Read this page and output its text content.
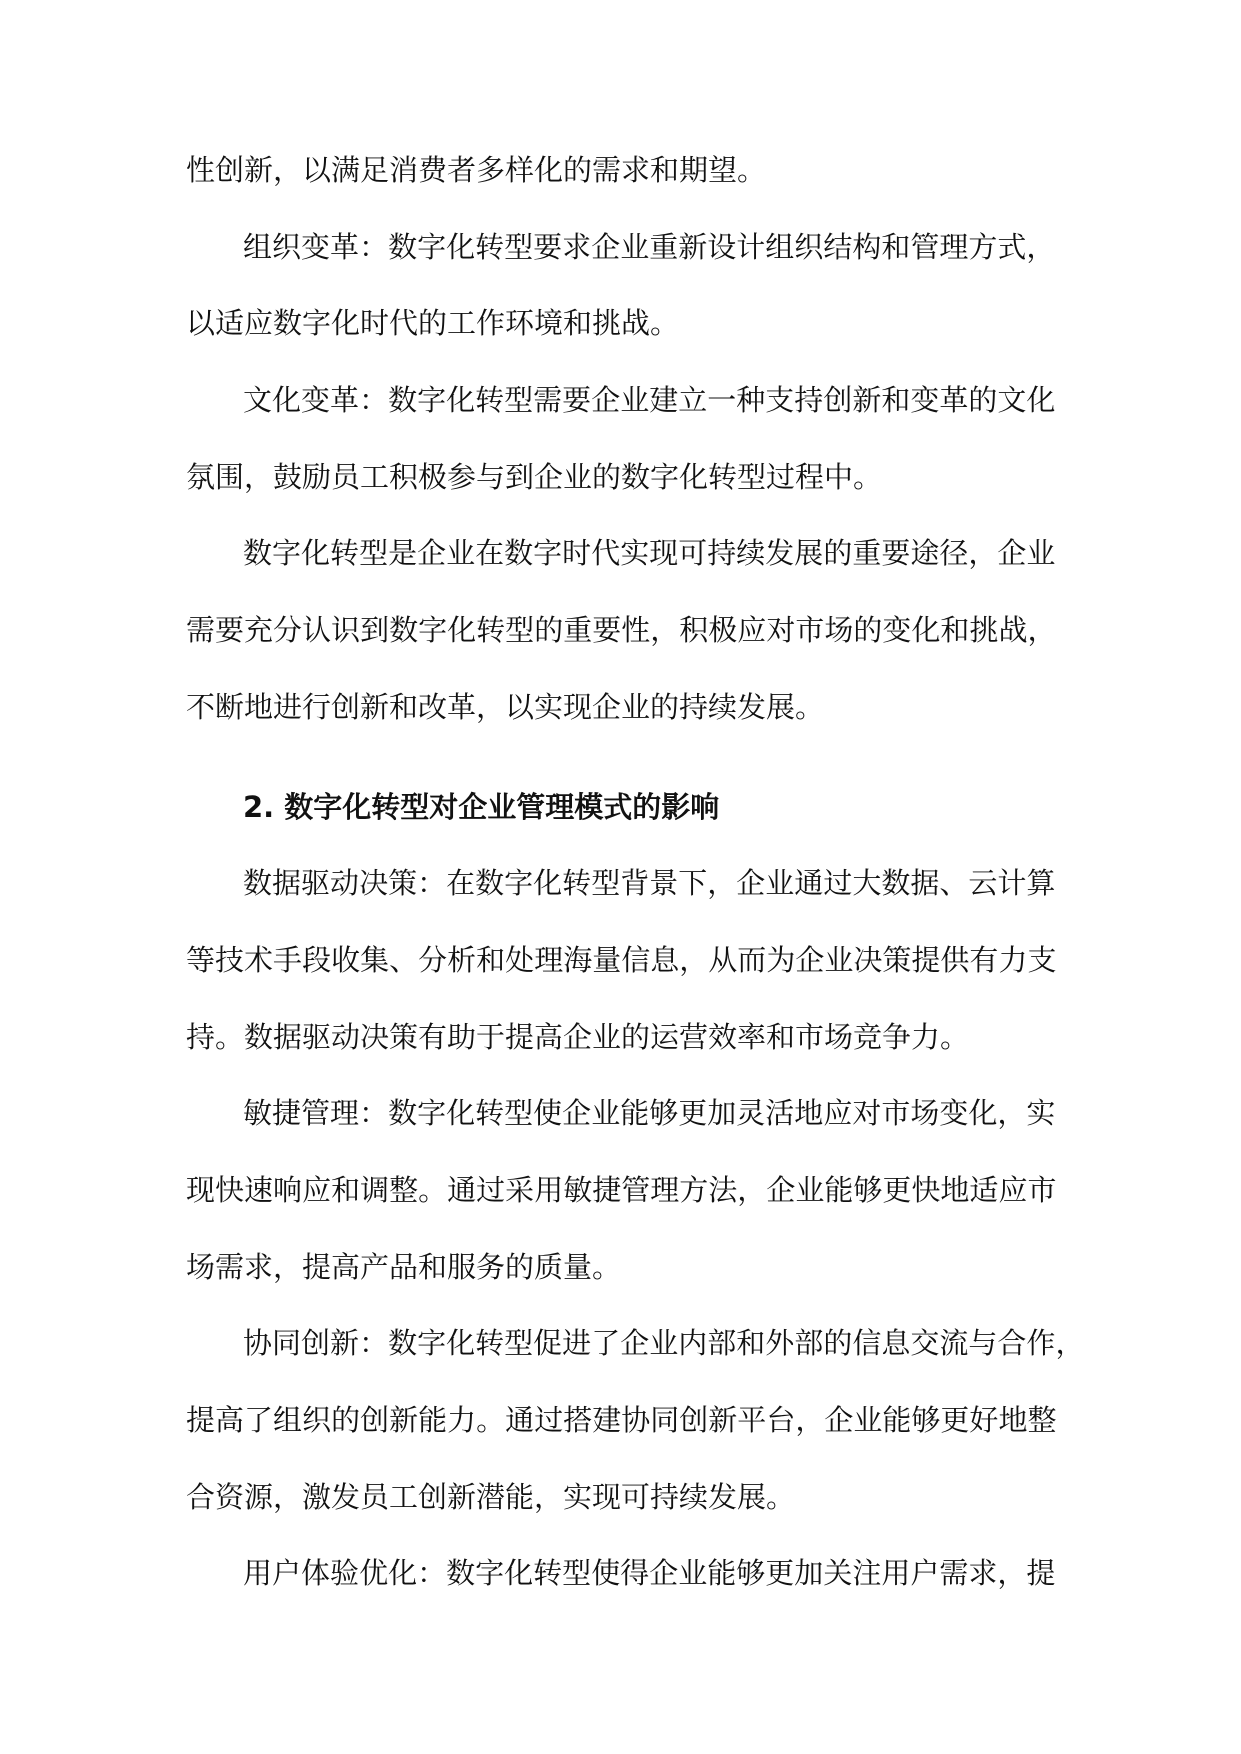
性创新，以满足消费者多样化的需求和期望。
组 织 变 革 ： 数 字 化 转 型 要 求 企 业 重 新 设 计 组 织 结 构 和 管 理 方 式 ，
以适应数字化时代的工作环境和挑战。
文 化 变 革 ： 数 字 化 转 型 需 要 企 业 建 立 一 种 支 持 创 新 和 变 革 的 文 化
氛围，鼓励员工积极参与到企业的数字化转型过程中。
数 字 化 转 型 是 企 业 在 数 字 时 代 实 现 可 持 续 发 展 的 重 要 途 径 ， 企 业
需 要 充 分 认 识 到 数 字 化 转 型 的 重 要 性 ， 积 极 应 对 市 场 的 变 化 和 挑 战 ，
不断地进行创新和改革，以实现企业的持续发展。
2. 数字化转型对企业管理模式的影响
数 据 驱 动 决 策 ： 在 数 字 化 转 型 背 景 下 ， 企 业 通 过 大 数 据 、 云 计 算
等 技 术 手 段 收 集 、 分 析 和 处 理 海 量 信 息 ， 从 而 为 企 业 决 策 提 供 有 力 支
持。数据驱动决策有助于提高企业的运营效率和市场竞争力。
敏 捷 管 理 ： 数 字 化 转 型 使 企 业 能 够 更 加 灵 活 地 应 对 市 场 变 化 ， 实
现 快 速 响 应 和 调 整 。 通 过 采 用 敏 捷 管 理 方 法 ， 企 业 能 够 更 快 地 适 应 市
场需求，提高产品和服务的质量。
协 同 创 新 ： 数 字 化 转 型 促 进 了 企 业 内 部 和 外 部 的 信 息 交 流 与 合 作 ，
提 高 了 组 织 的 创 新 能 力 。 通 过 搭 建 协 同 创 新 平 台 ， 企 业 能 够 更 好 地 整
合资源，激发员工创新潜能，实现可持续发展。
用 户 体 验 优 化 ： 数 字 化 转 型 使 得 企 业 能 够 更 加 关 注 用 户 需 求 ， 提
